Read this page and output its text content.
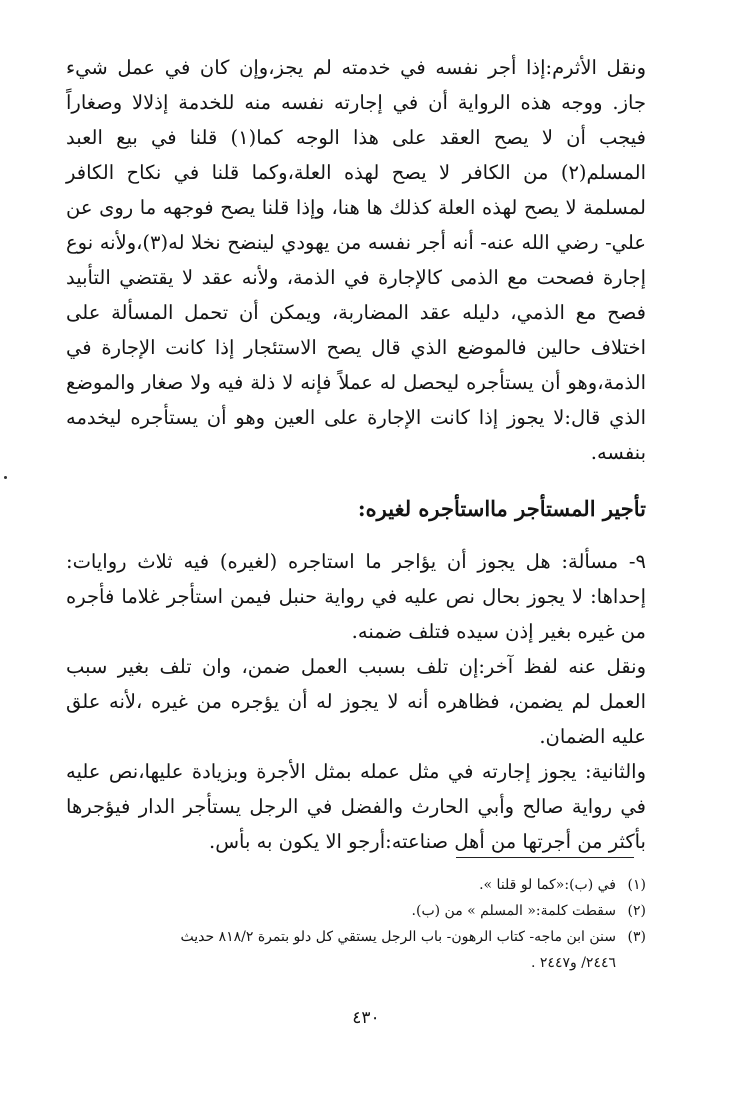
ونقل الأثرم:إذا أجر نفسه في خدمته لم يجز،وإن كان في عمل شيء جاز. ووجه هذه الرواية أن في إجارته نفسه منه للخدمة إذلالا وصغاراً فيجب أن لا يصح العقد على هذا الوجه كما(١) قلنا في بيع العبد المسلم(٢) من الكافر لا يصح لهذه العلة،وكما قلنا في نكاح الكافر لمسلمة لا يصح لهذه العلة كذلك ها هنا، وإذا قلنا يصح فوجهه ما روى عن علي- رضي الله عنه- أنه أجر نفسه من يهودي لينضح نخلا له(٣)،ولأنه نوع إجارة فصحت مع الذمى كالإجارة في الذمة، ولأنه عقد لا يقتضي التأبيد فصح مع الذمي، دليله عقد المضاربة، ويمكن أن تحمل المسألة على اختلاف حالين فالموضع الذي قال يصح الاستئجار إذا كانت الإجارة في الذمة،وهو أن يستأجره ليحصل له عملاً فإنه لا ذلة فيه ولا صغار والموضع الذي قال:لا يجوز إذا كانت الإجارة على العين وهو أن يستأجره ليخدمه بنفسه.

تأجير المستأجر مااستأجره لغيره:

٩- مسألة: هل يجوز أن يؤاجر ما استاجره (لغيره) فيه ثلاث روايات: إحداها: لا يجوز بحال نص عليه في رواية حنبل فيمن استأجر غلاما فأجره من غيره بغير إذن سيده فتلف ضمنه.

ونقل عنه لفظ آخر:إن تلف بسبب العمل ضمن، وان تلف بغير سبب العمل لم يضمن، فظاهره أنه لا يجوز له أن يؤجره من غيره ،لأنه علق عليه الضمان.

والثانية: يجوز إجارته في مثل عمله بمثل الأجرة وبزيادة عليها،نص عليه في رواية صالح وأبي الحارث والفضل في الرجل يستأجر الدار فيؤجرها بأكثر من أجرتها من أهل صناعته:أرجو الا يكون به بأس.

(١)
في (ب):«كما لو قلنا ».
(٢)
سقطت كلمة:« المسلم » من (ب).
(٣)
سنن ابن ماجه- كتاب الرهون- باب الرجل يستقي كل دلو بتمرة ٨١٨/٢ حديث
٢٤٤٦/ و٢٤٤٧ .
٤٣٠
